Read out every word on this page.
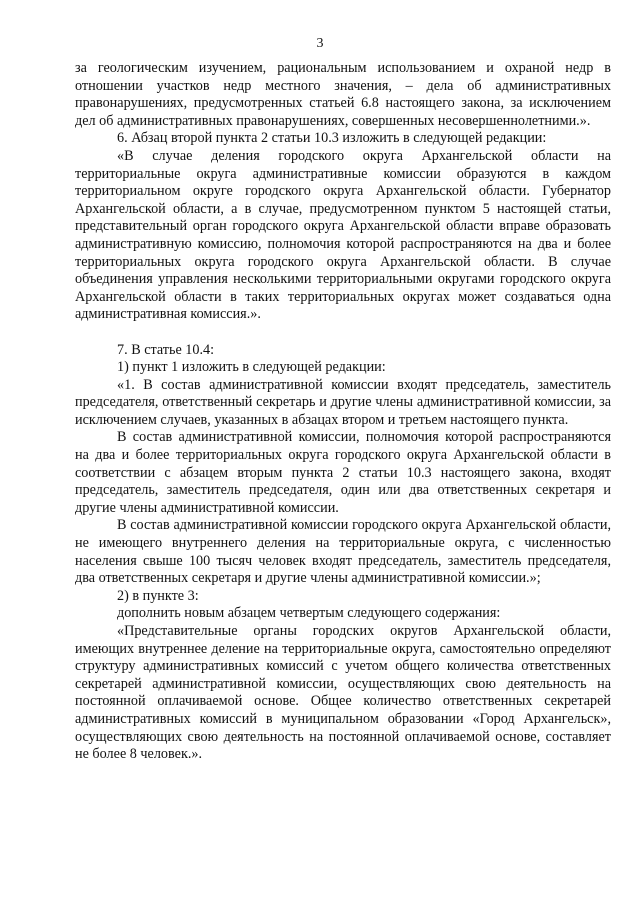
3

за геологическим изучением, рациональным использованием и охраной недр в отношении участков недр местного значения, – дела об административных правонарушениях, предусмотренных статьей 6.8 настоящего закона, за исключением дел об административных правонарушениях, совершенных несовершеннолетними.».

6. Абзац второй пункта 2 статьи 10.3 изложить в следующей редакции:

«В случае деления городского округа Архангельской области на территориальные округа административные комиссии образуются в каждом территориальном округе городского округа Архангельской области. Губернатор Архангельской области, а в случае, предусмотренном пунктом 5 настоящей статьи, представительный орган городского округа Архангельской области вправе образовать административную комиссию, полномочия которой распространяются на два и более территориальных округа городского округа Архангельской области. В случае объединения управления несколькими территориальными округами городского округа Архангельской области в таких территориальных округах может создаваться одна административная комиссия.».

7. В статье 10.4:

1) пункт 1 изложить в следующей редакции:

«1. В состав административной комиссии входят председатель, заместитель председателя, ответственный секретарь и другие члены административной комиссии, за исключением случаев, указанных в абзацах втором и третьем настоящего пункта.

В состав административной комиссии, полномочия которой распространяются на два и более территориальных округа городского округа Архангельской области в соответствии с абзацем вторым пункта 2 статьи 10.3 настоящего закона, входят председатель, заместитель председателя, один или два ответственных секретаря и другие члены административной комиссии.

В состав административной комиссии городского округа Архангельской области, не имеющего внутреннего деления на территориальные округа, с численностью населения свыше 100 тысяч человек входят председатель, заместитель председателя, два ответственных секретаря и другие члены административной комиссии.»;

2) в пункте 3:

дополнить новым абзацем четвертым следующего содержания:

«Представительные органы городских округов Архангельской области, имеющих внутреннее деление на территориальные округа, самостоятельно определяют структуру административных комиссий с учетом общего количества ответственных секретарей административной комиссии, осуществляющих свою деятельность на постоянной оплачиваемой основе. Общее количество ответственных секретарей административных комиссий в муниципальном образовании «Город Архангельск», осуществляющих свою деятельность на постоянной оплачиваемой основе, составляет не более 8 человек.».
